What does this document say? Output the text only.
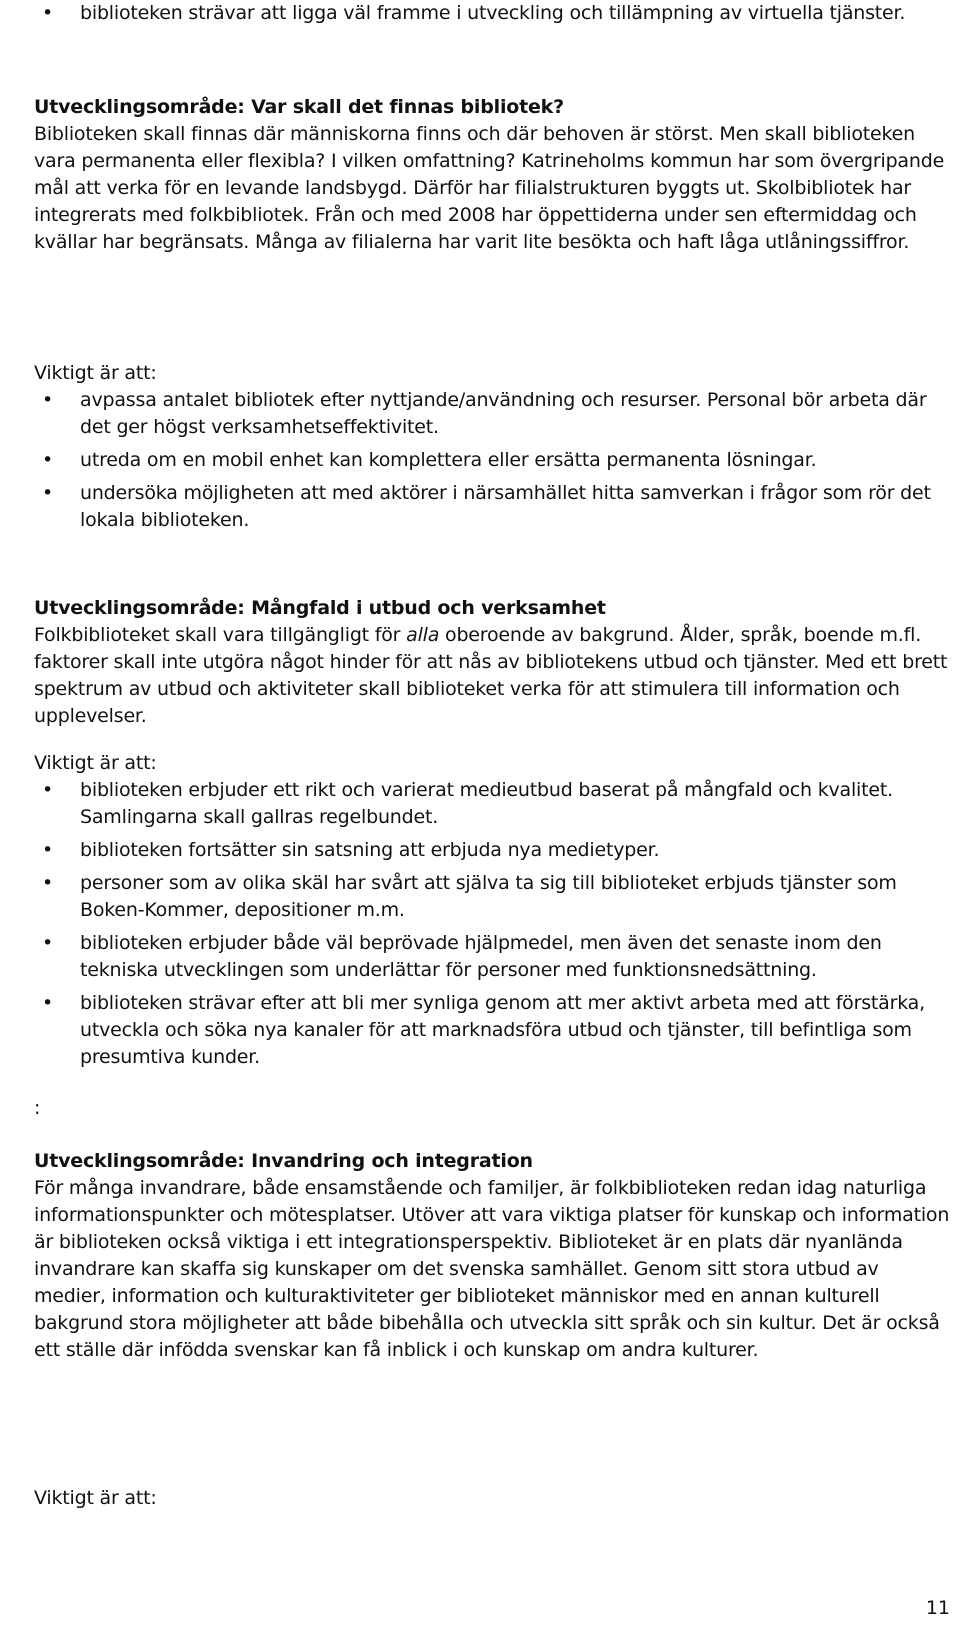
•	biblioteken strävar att ligga väl framme i utveckling och tillämpning av virtuella tjänster.

Utvecklingsområde: Var skall det finnas bibliotek?

Biblioteken skall finnas där människorna finns och där behoven är störst. Men skall biblioteken vara permanenta eller flexibla? I vilken omfattning? Katrineholms kommun har som övergripande mål att verka för en levande landsbygd. Därför har filialstrukturen byggts ut. Skolbibliotek har integrerats med folkbibliotek. Från och med 2008 har öppettiderna under sen eftermiddag och kvällar har begränsats. Många av filialerna har varit lite besökta och haft låga utlåningssiffror.

Viktigt är att:

•	avpassa antalet bibliotek efter nyttjande/användning och resurser. Personal bör arbeta där det ger högst verksamhetseffektivitet.
•	utreda om en mobil enhet kan komplettera eller ersätta permanenta lösningar.
•	undersöka möjligheten att med aktörer i närsamhället hitta samverkan i frågor som rör det lokala biblioteken.

Utvecklingsområde: Mångfald i utbud och verksamhet

Folkbiblioteket skall vara tillgängligt för alla oberoende av bakgrund. Ålder, språk, boende m.fl. faktorer skall inte utgöra något hinder för att nås av bibliotekens utbud och tjänster. Med ett brett spektrum av utbud och aktiviteter skall biblioteket verka för att stimulera till information och upplevelser.

Viktigt är att:

•	biblioteken erbjuder ett rikt och varierat medieutbud baserat på mångfald och kvalitet. Samlingarna skall gallras regelbundet.
•	biblioteken fortsätter sin satsning att erbjuda nya medietyper.
•	personer som av olika skäl har svårt att själva ta sig till biblioteket erbjuds tjänster som Boken-Kommer, depositioner m.m.
•	biblioteken erbjuder både väl beprövade hjälpmedel, men även det senaste inom den tekniska utvecklingen som underlättar för personer med funktionsnedsättning.
•	biblioteken strävar efter att bli mer synliga genom att mer aktivt arbeta med att förstärka, utveckla och söka nya kanaler för att marknadsföra utbud och tjänster, till befintliga som presumtiva kunder.

:

Utvecklingsområde: Invandring och integration

För många invandrare, både ensamstående och familjer, är folkbiblioteken redan idag naturliga informationspunkter och mötesplatser. Utöver att vara viktiga platser för kunskap och information är biblioteken också viktiga i ett integrationsperspektiv. Biblioteket är en plats där nyanlända invandrare kan skaffa sig kunskaper om det svenska samhället. Genom sitt stora utbud av medier, information och kulturaktiviteter ger biblioteket människor med en annan kulturell bakgrund stora möjligheter att både bibehålla och utveckla sitt språk och sin kultur. Det är också ett ställe där infödda svenskar kan få inblick i och kunskap om andra kulturer.

Viktigt är att:

11
